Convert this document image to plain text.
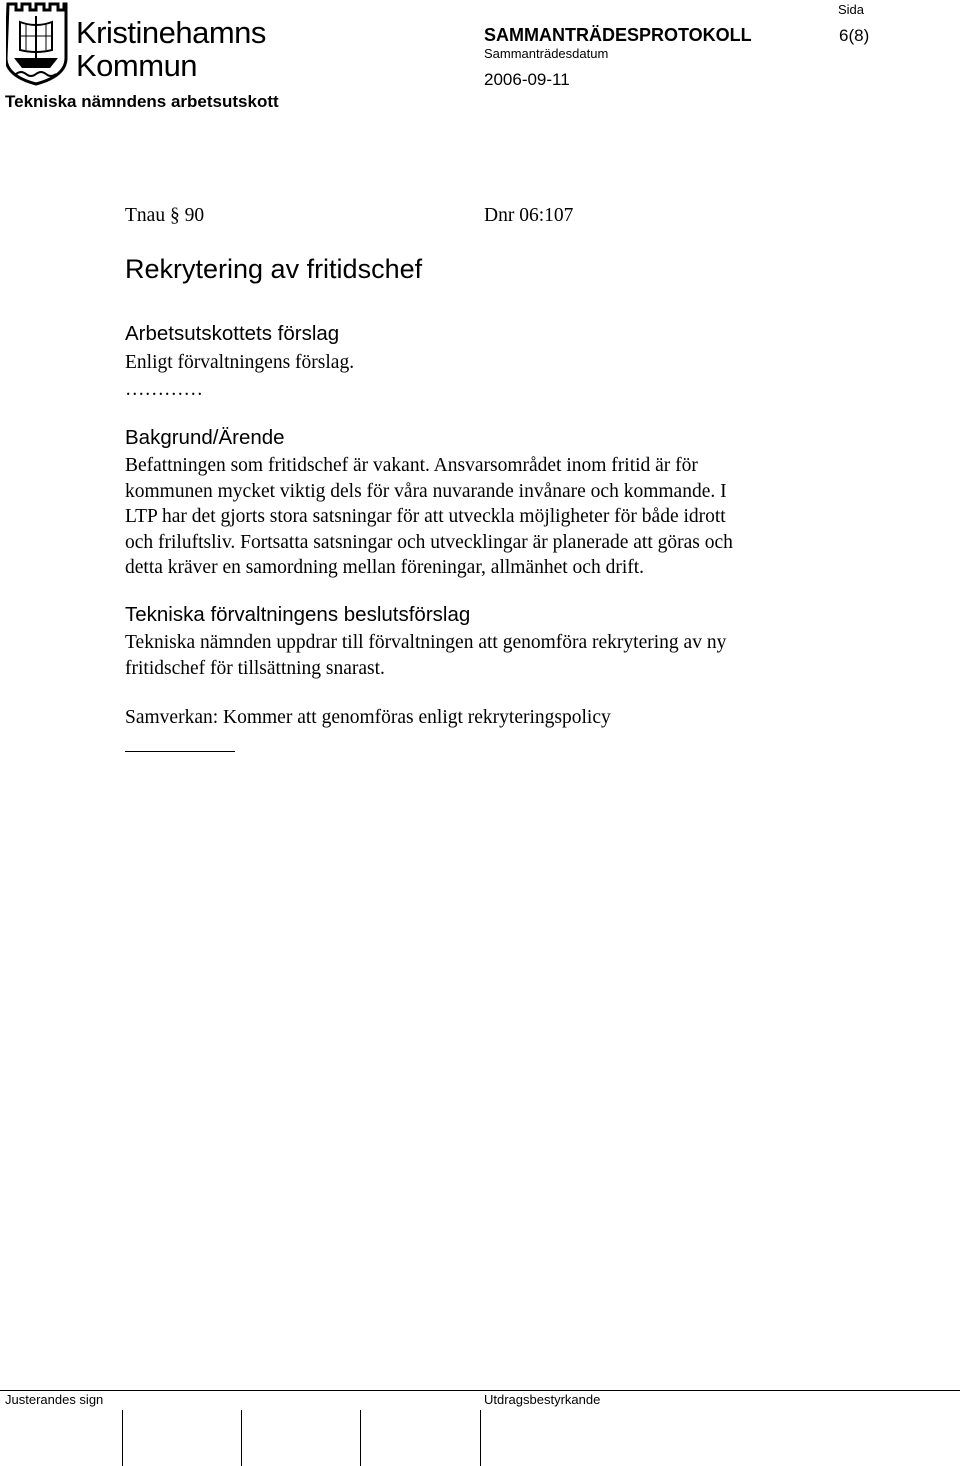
Kristinehamns
Kommun
Tekniska nämndens arbetsutskott
Sida
SAMMANTRÄDESPROTOKOLL	6(8)
Sammanträdesdatum
2006-09-11
Tnau § 90	Dnr 06:107
Rekrytering av fritidschef
Arbetsutskottets förslag
Enligt förvaltningens förslag.
…………
Bakgrund/Ärende
Befattningen som fritidschef är vakant. Ansvarsområdet inom fritid är för
kommunen mycket viktig dels för våra nuvarande invånare och kommande. I
LTP har det gjorts stora satsningar för att utveckla möjligheter för både idrott
och friluftsliv. Fortsatta satsningar och utvecklingar är planerade att göras och
detta kräver en samordning mellan föreningar, allmänhet och drift.
Tekniska förvaltningens beslutsförslag
Tekniska nämnden uppdrar till förvaltningen att genomföra rekrytering av ny
fritidschef för tillsättning snarast.
Samverkan: Kommer att genomföras enligt rekryteringspolicy
Justerandes sign	Utdragsbestyrkande
